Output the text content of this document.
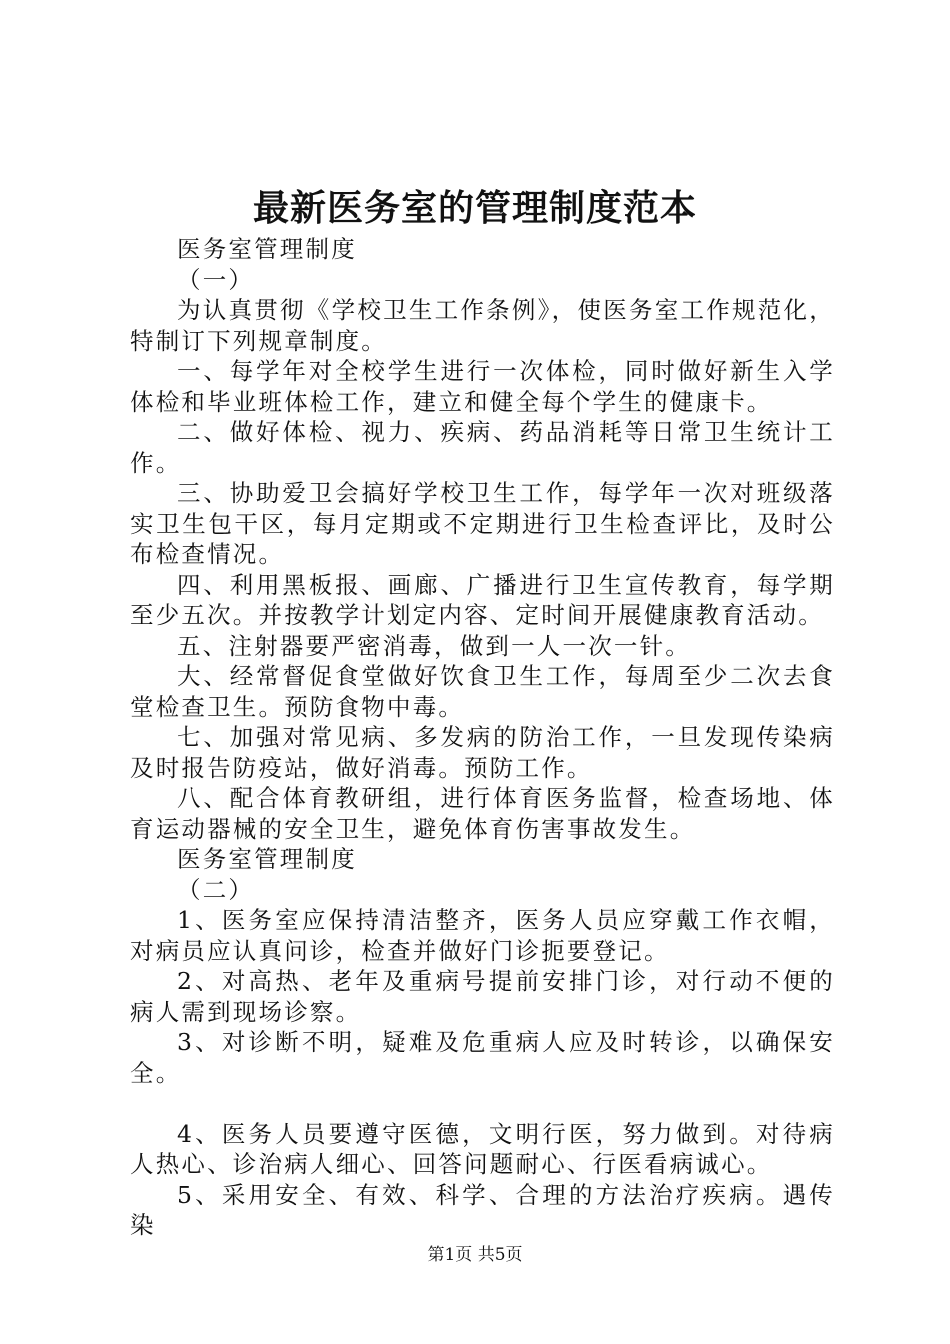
最新医务室的管理制度范本

医务室管理制度

（一）

为认真贯彻《学校卫生工作条例》，使医务室工作规范化，特制订下列规章制度。

一、每学年对全校学生进行一次体检，同时做好新生入学体检和毕业班体检工作，建立和健全每个学生的健康卡。

二、做好体检、视力、疾病、药品消耗等日常卫生统计工作。

三、协助爱卫会搞好学校卫生工作，每学年一次对班级落实卫生包干区，每月定期或不定期进行卫生检查评比，及时公布检查情况。

四、利用黑板报、画廊、广播进行卫生宣传教育，每学期至少五次。并按教学计划定内容、定时间开展健康教育活动。

五、注射器要严密消毒，做到一人一次一针。

大、经常督促食堂做好饮食卫生工作，每周至少二次去食堂检查卫生。预防食物中毒。

七、加强对常见病、多发病的防治工作，一旦发现传染病及时报告防疫站，做好消毒。预防工作。

八、配合体育教研组，进行体育医务监督，检查场地、体育运动器械的安全卫生，避免体育伤害事故发生。

医务室管理制度

（二）

1、医务室应保持清洁整齐，医务人员应穿戴工作衣帽，对病员应认真问诊，检查并做好门诊扼要登记。

2、对高热、老年及重病号提前安排门诊，对行动不便的病人需到现场诊察。

3、对诊断不明，疑难及危重病人应及时转诊，以确保安全。

4、医务人员要遵守医德，文明行医，努力做到。对待病人热心、诊治病人细心、回答问题耐心、行医看病诚心。

5、采用安全、有效、科学、合理的方法治疗疾病。遇传染

第1页 共5页
